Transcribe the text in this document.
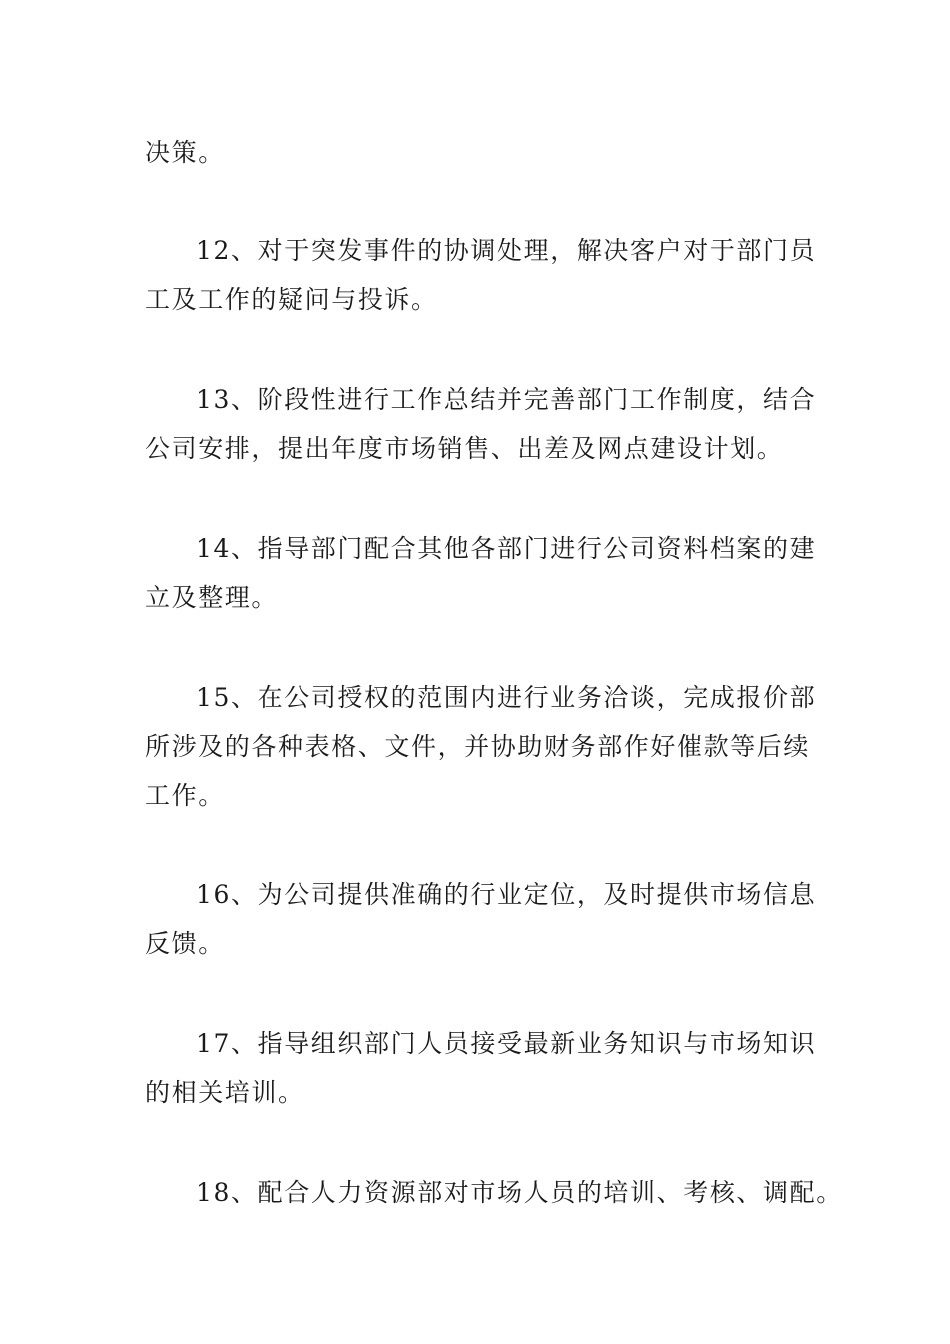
决策。

12、对于突发事件的协调处理，解决客户对于部门员

工及工作的疑问与投诉。

13、阶段性进行工作总结并完善部门工作制度，结合

公司安排，提出年度市场销售、出差及网点建设计划。

14、指导部门配合其他各部门进行公司资料档案的建

立及整理。

15、在公司授权的范围内进行业务洽谈，完成报价部

所涉及的各种表格、文件，并协助财务部作好催款等后续

工作。

16、为公司提供准确的行业定位，及时提供市场信息

反馈。

17、指导组织部门人员接受最新业务知识与市场知识

的相关培训。

18、配合人力资源部对市场人员的培训、考核、调配。
